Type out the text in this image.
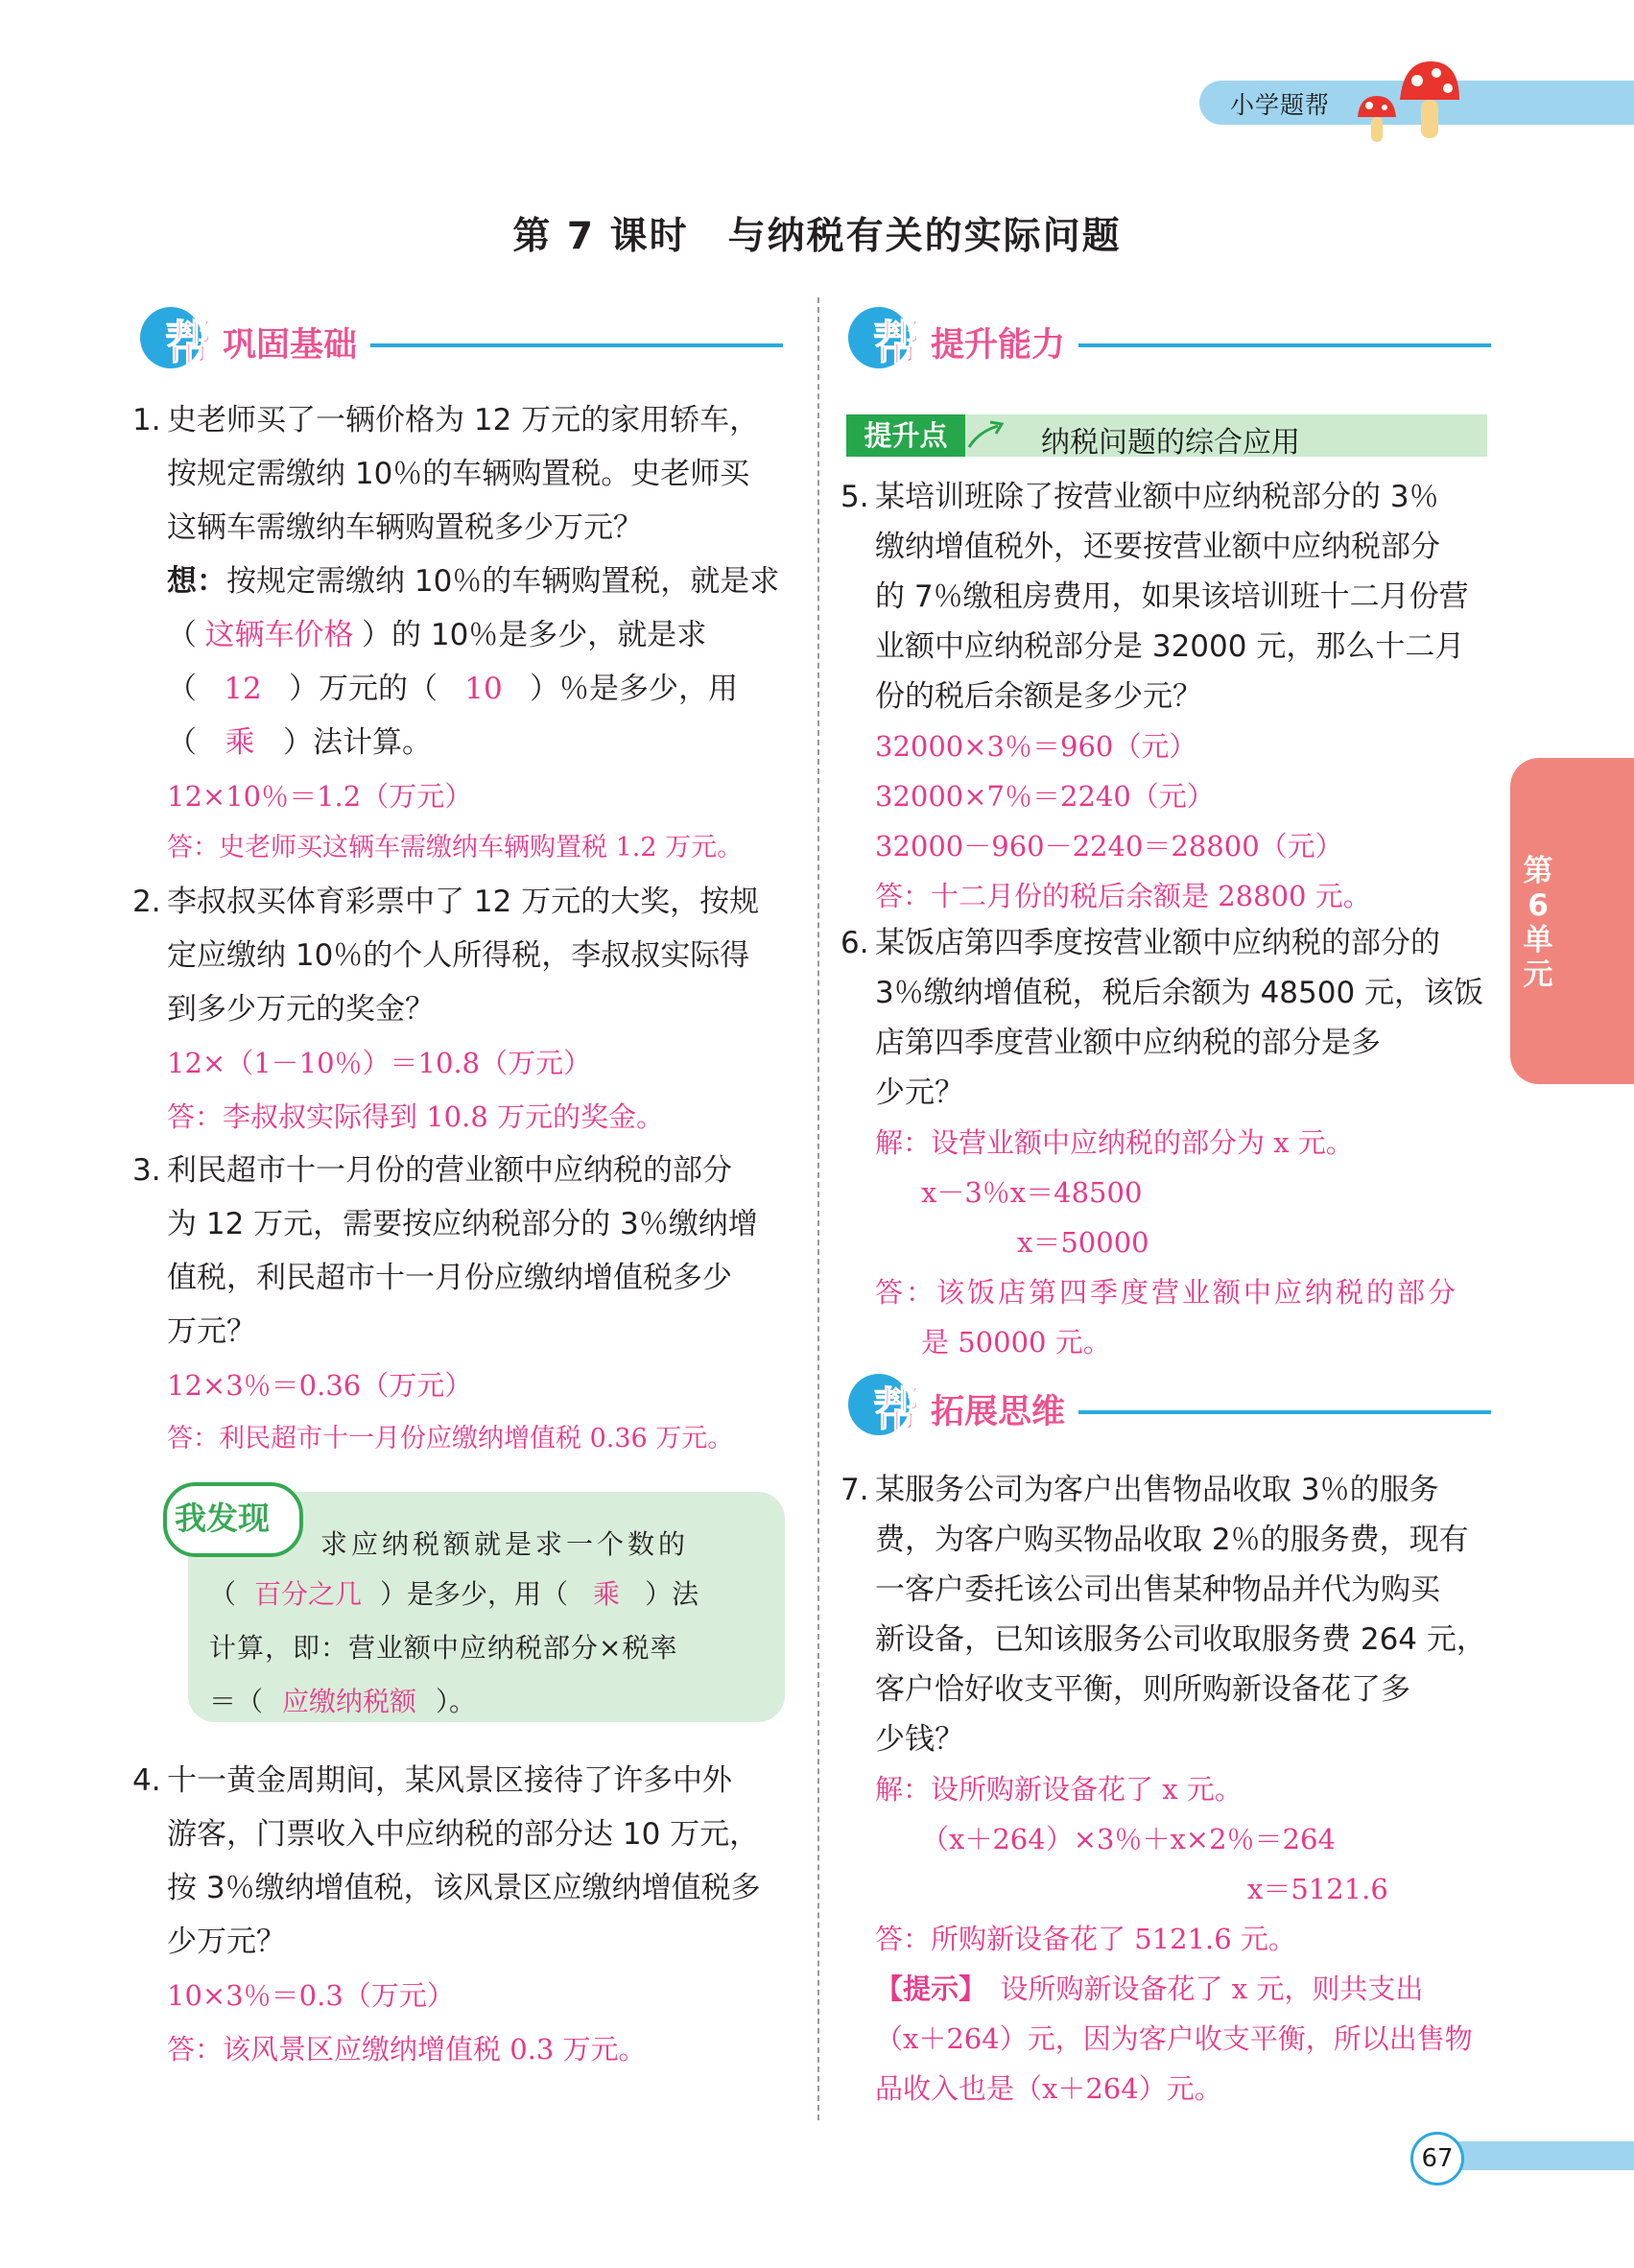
小学题帮
第 7 课时　与纳税有关的实际问题
帮 巩固基础
1. 史老师买了一辆价格为 12 万元的家用轿车，
按规定需缴纳 10％的车辆购置税。史老师买
这辆车需缴纳车辆购置税多少万元？
想：按规定需缴纳 10％的车辆购置税，就是求
（ 这辆车价格 ）的 10％是多少，就是求
（ 12 ）万元的（ 10 ）％是多少，用
（ 乘 ）法计算。
12×10％＝1.2（万元）
答：史老师买这辆车需缴纳车辆购置税 1.2 万元。
2. 李叔叔买体育彩票中了 12 万元的大奖，按规
定应缴纳 10％的个人所得税，李叔叔实际得
到多少万元的奖金？
12×（1－10％）＝10.8（万元）
答：李叔叔实际得到 10.8 万元的奖金。
3. 利民超市十一月份的营业额中应纳税的部分
为 12 万元，需要按应纳税部分的 3％缴纳增
值税，利民超市十一月份应缴纳增值税多少
万元？
12×3％＝0.36（万元）
答：利民超市十一月份应缴纳增值税 0.36 万元。
我发现
求应纳税额就是求一个数的
（ 百分之几 ）是多少，用（ 乘 ）法
计算，即：营业额中应纳税部分×税率
＝（ 应缴纳税额 ）。
4. 十一黄金周期间，某风景区接待了许多中外
游客，门票收入中应纳税的部分达 10 万元，
按 3％缴纳增值税，该风景区应缴纳增值税多
少万元？
10×3％＝0.3（万元）
答：该风景区应缴纳增值税 0.3 万元。
帮 提升能力
提升点	纳税问题的综合应用
5. 某培训班除了按营业额中应纳税部分的 3％
缴纳增值税外，还要按营业额中应纳税部分
的 7％缴租房费用，如果该培训班十二月份营
业额中应纳税部分是 32000 元，那么十二月
份的税后余额是多少元？
32000×3％＝960（元）
32000×7％＝2240（元）
32000－960－2240＝28800（元）
答：十二月份的税后余额是 28800 元。
6. 某饭店第四季度按营业额中应纳税的部分的
3％缴纳增值税，税后余额为 48500 元，该饭
店第四季度营业额中应纳税的部分是多
少元？
解：设营业额中应纳税的部分为 x 元。
x－3％x＝48500
x＝50000
答：该饭店第四季度营业额中应纳税的部分
是 50000 元。
帮 拓展思维
7. 某服务公司为客户出售物品收取 3％的服务
费，为客户购买物品收取 2％的服务费，现有
一客户委托该公司出售某种物品并代为购买
新设备，已知该服务公司收取服务费 264 元，
客户恰好收支平衡，则所购新设备花了多
少钱？
解：设所购新设备花了 x 元。
（x＋264）×3％＋x×2％＝264
x＝5121.6
答：所购新设备花了 5121.6 元。
【提示】　 设所购新设备花了 x 元，则共支出
（x＋264）元，因为客户收支平衡，所以出售物
品收入也是（x＋264）元。
第6单元
67
